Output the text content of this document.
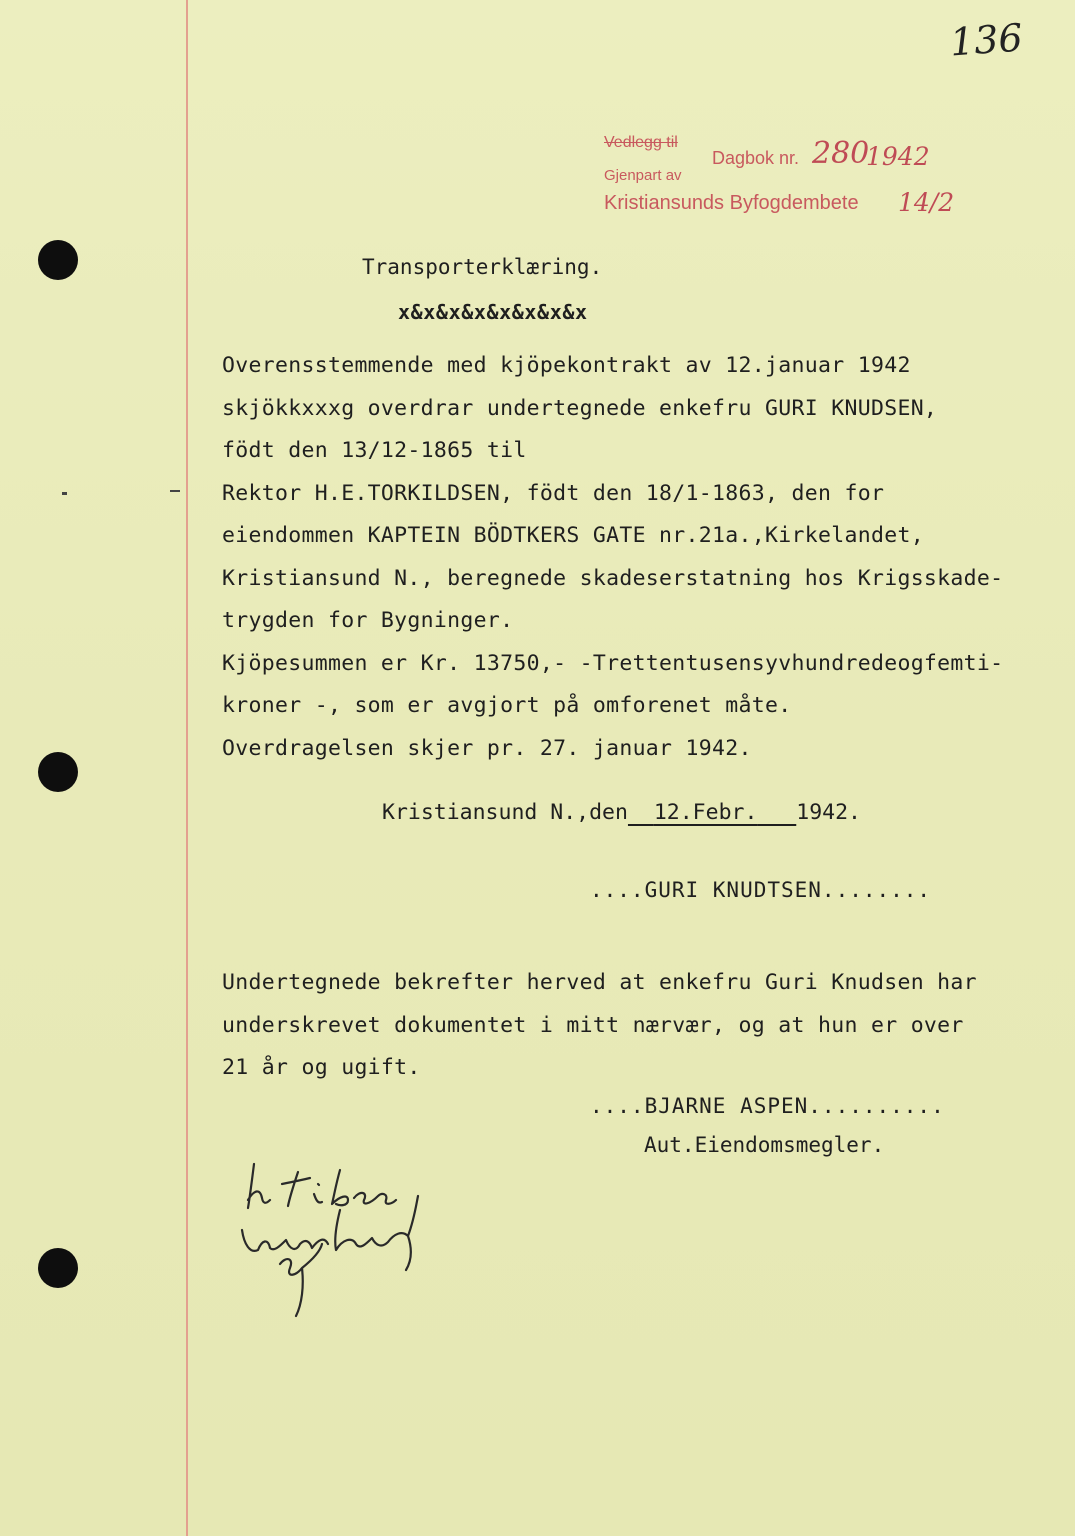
136
Vedlegg til
Gjenpart av
Dagbok nr.
Kristiansunds Byfogdembete
280
1942
14/2
Transporterklæring.
x&x&x&x&x&x&x&x
Overensstemmende med kjöpekontrakt av 12.januar 1942
skjökkxxxg overdrar undertegnede enkefru GURI KNUDSEN,
födt den 13/12-1865 til
Rektor H.E.TORKILDSEN, födt den 18/1-1863, den for
eiendommen KAPTEIN BÖDTKERS GATE nr.21a.,Kirkelandet,
Kristiansund N., beregnede skadeserstatning hos Krigsskade-
trygden for Bygninger.
Kjöpesummen er Kr. 13750,- -Trettentusensyvhundredeogfemti-
kroner -, som er avgjort på omforenet måte.
Overdragelsen skjer pr. 27. januar 1942.
Kristiansund N.,den 12.Febr. 1942.
....GURI KNUDTSEN........
Undertegnede bekrefter herved at enkefru Guri Knudsen har
underskrevet dokumentet i mitt nærvær, og at hun er over
21 år og ugift.
....BJARNE ASPEN..........
Aut.Eiendomsmegler.
